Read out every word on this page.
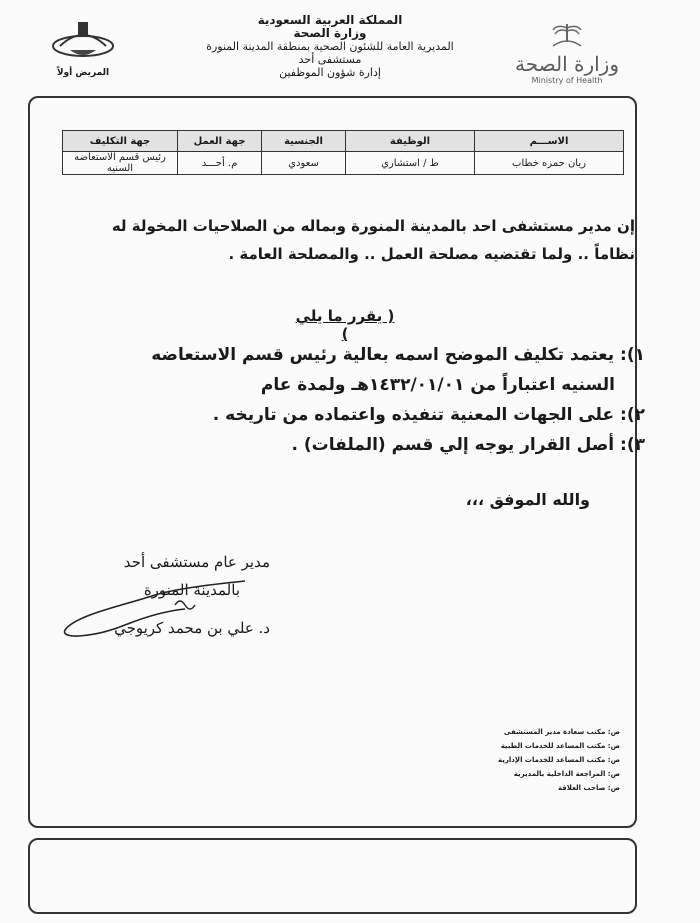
المريض أولاً
المملكة العربية السعودية
وزارة الصحة
المديرية العامة للشئون الصحية بمنطقة المدينة المنورة
مستشفى أحد
إدارة شؤون الموظفين	وزارة الصحة
Ministry of Health
الاســـم	الوظيفة	الجنسية	جهة العمل	جهة التكليف
ريان حمزه خطاب	ط / استشاري	سعودي	م. أحـــد	رئيس قسم الاستعاضه السنيه
إن مدير مستشفى احد بالمدينة المنورة وبماله من الصلاحيات المخولة له نظاماً .. ولما تقتضيه مصلحة العمل .. والمصلحة العامة .
( يقرر ما يلي )
١): يعتمد تكليف الموضح اسمه بعالية رئيس قسم الاستعاضه
السنيه اعتباراً من ١٤٣٢/٠١/٠١هـ ولمدة عام
٢): على الجهات المعنية تنفيذه واعتماده من تاريخه .
٣): أصل القرار يوجه إلي قسم (الملفات) .
والله الموفق ،،،
مدير عام مستشفى أحد
بالمدينة المنورة
د. علي بن محمد كريوجي
ص: مكتب سعادة مدير المستشفى
ص: مكتب المساعد للخدمات الطبية
ص: مكتب المساعد للخدمات الإدارية
ص: المراجعة الداخلية بالمديرية
ص: صاحب العلاقة
